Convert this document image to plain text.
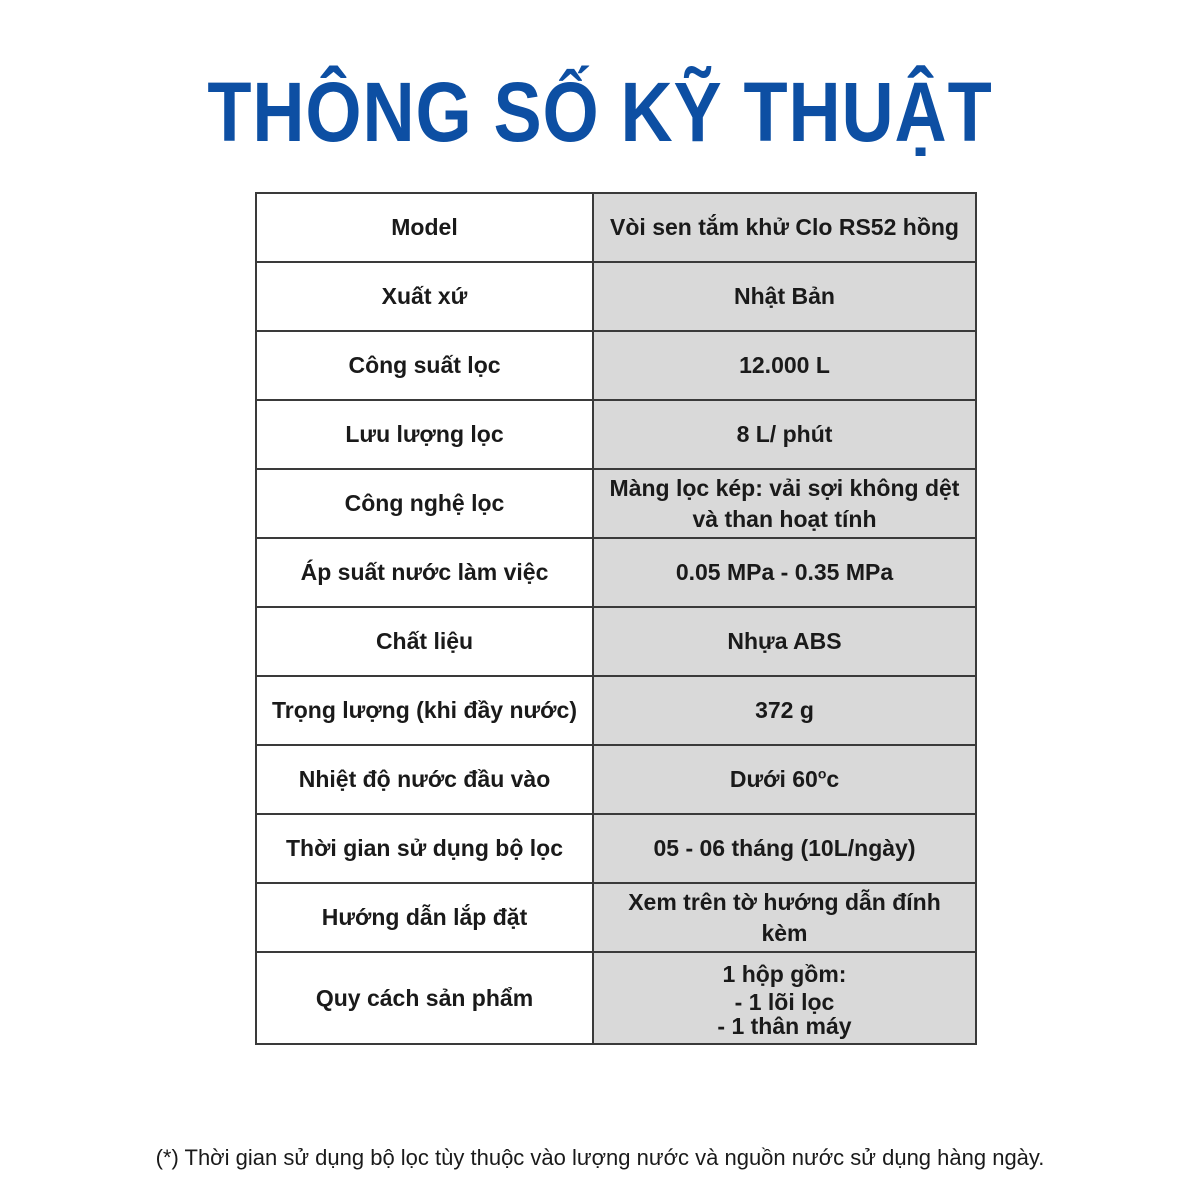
THÔNG SỐ KỸ THUẬT
Model	Vòi sen tắm khử Clo RS52 hồng
Xuất xứ	Nhật Bản
Công suất lọc	12.000 L
Lưu lượng lọc	8 L/ phút
Công nghệ lọc	Màng lọc kép: vải sợi không dệt và than hoạt tính
Áp suất nước làm việc	0.05 MPa - 0.35 MPa
Chất liệu	Nhựa ABS
Trọng lượng (khi đầy nước)	372 g
Nhiệt độ nước đầu vào	Dưới 60$^o$c
Thời gian sử dụng bộ lọc	05 - 06 tháng (10L/ngày)
Hướng dẫn lắp đặt	Xem trên tờ hướng dẫn đính kèm
Quy cách sản phẩm	1 hộp gồm:
- 1 lõi lọc
- 1 thân máy
(*) Thời gian sử dụng bộ lọc tùy thuộc vào lượng nước và nguồn nước sử dụng hàng ngày.
